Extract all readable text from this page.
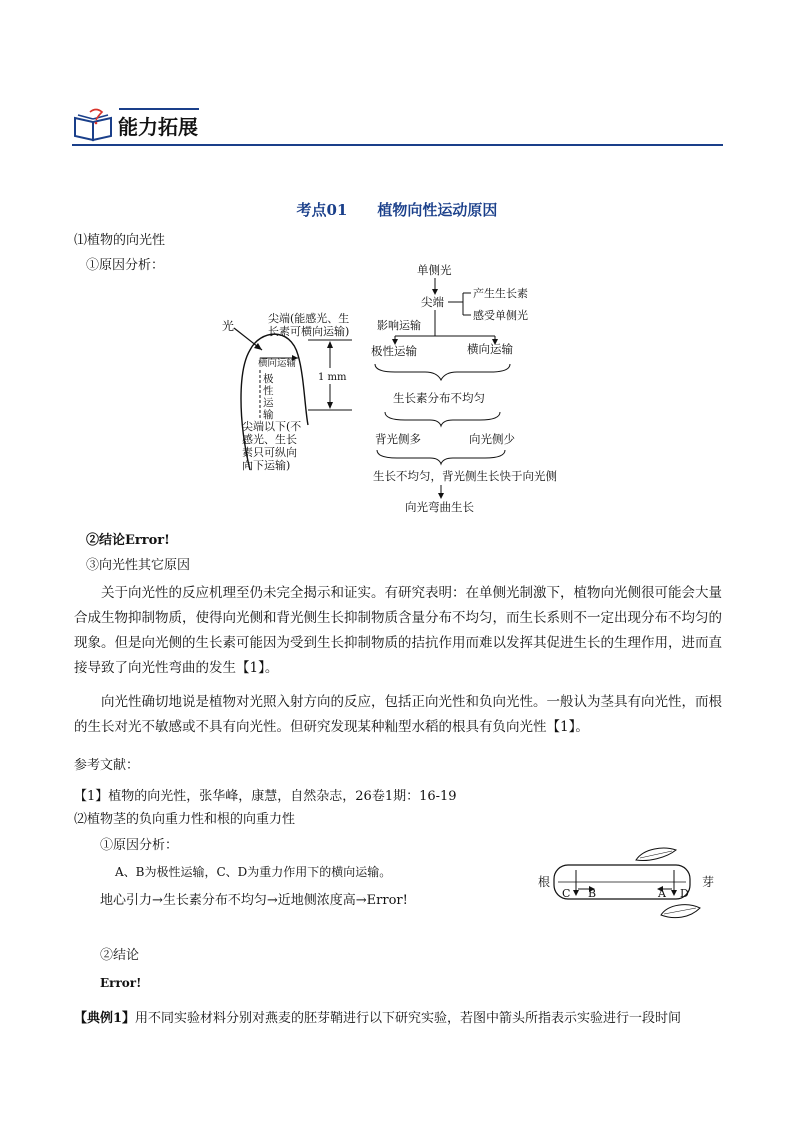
能力拓展
考点01　　植物向性运动原因
⑴植物的向光性
①原因分析：
光
尖端(能感光、生
长素可横向运输)
横向运输
极
性
运
输
1 mm
尖端以下(不
感光、生长
素只可纵向
向下运输)
单侧光
尖端
产生生长素
感受单侧光
影响运输
极性运输	横向运输
生长素分布不均匀
背光侧多	向光侧少
生长不均匀，背光侧生长快于向光侧
向光弯曲生长
②结论Error!
③向光性其它原因
关于向光性的反应机理至仍未完全揭示和证实。有研究表明：在单侧光制激下，植物向光侧很可能会大量合成生物抑制物质，使得向光侧和背光侧生长抑制物质含量分布不均匀，而生长系则不一定出现分布不均匀的现象。但是向光侧的生长素可能因为受到生长抑制物质的拮抗作用而难以发挥其促进生长的生理作用，进而直接导致了向光性弯曲的发生【1】。
向光性确切地说是植物对光照入射方向的反应，包括正向光性和负向光性。一般认为茎具有向光性，而根的生长对光不敏感或不具有向光性。但研究发现某种籼型水稻的根具有负向光性【1】。
参考文献：
【1】植物的向光性，张华峰，康慧，自然杂志，26卷1期：16-19
⑵植物茎的负向重力性和根的向重力性
①原因分析：
A、B为极性运输，C、D为重力作用下的横向运输。
地心引力→生长素分布不均匀→近地侧浓度高→Error!
根	芽
C B	A D
②结论
Error!
【典例1】用不同实验材料分别对燕麦的胚芽鞘进行以下研究实验，若图中箭头所指表示实验进行一段时间
